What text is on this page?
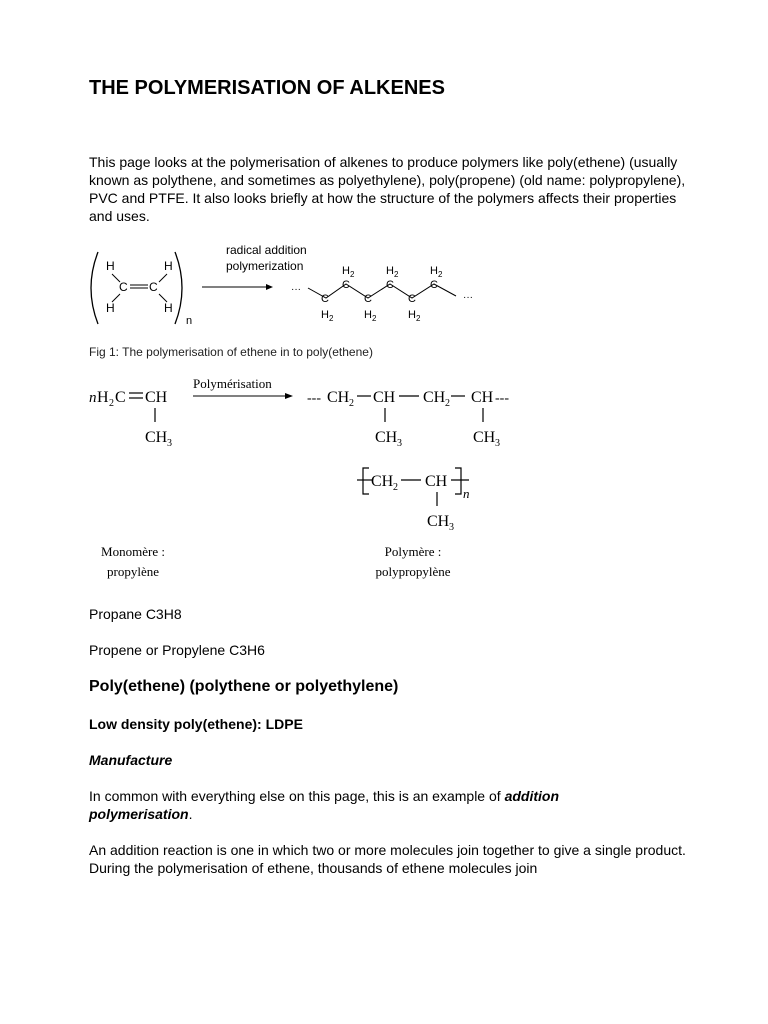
THE POLYMERISATION OF ALKENES

This page looks at the polymerisation of alkenes to produce polymers like poly(ethene) (usually known as polythene, and sometimes as polyethylene), poly(propene) (old name: polypropylene), PVC and PTFE. It also looks briefly at how the structure of the polymers affects their properties and uses.

n
H	H
C C
H	H
radical addition
polymerization
···
···
C
H 2
C
H 2
C
H 2
C
H 2
C
H 2
C
H 2
Fig 1: The polymerisation of ethene in to poly(ethene)
n H 2 C CH
CH 3
Polymérisation
--- CH 2 CH CH 2 CH ---
CH 3	CH 3
CH 2 CH
n
CH 3
Monomère :
propylène
Polymère :
polypropylène

Propane C3H8

Propene or Propylene C3H6

Poly(ethene) (polythene or polyethylene)
Low density poly(ethene): LDPE
Manufacture

In common with everything else on this page, this is an example of addition polymerisation.

An addition reaction is one in which two or more molecules join together to give a single product. During the polymerisation of ethene, thousands of ethene molecules join
